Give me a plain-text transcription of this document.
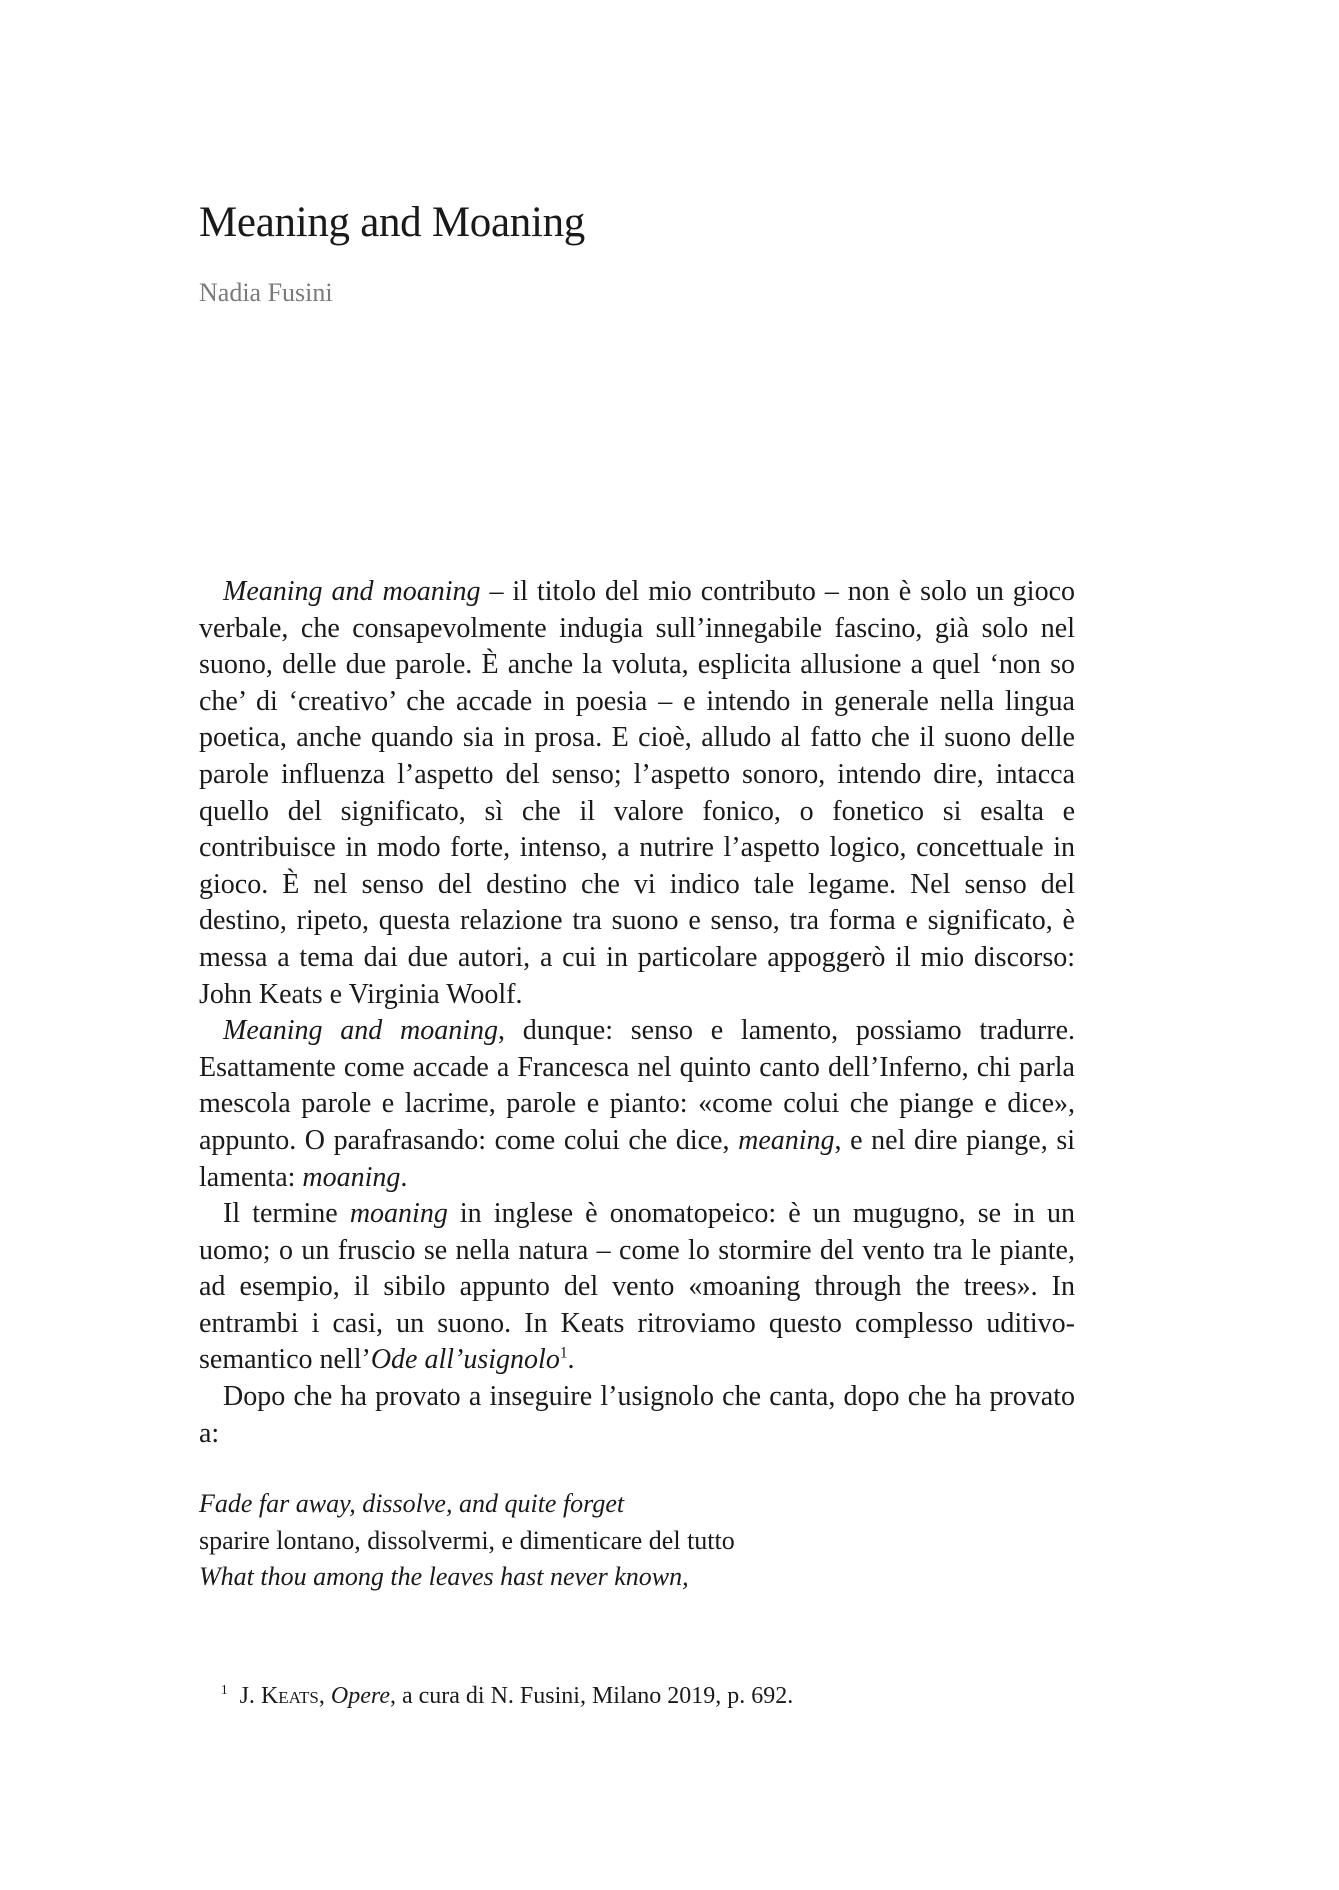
Meaning and Moaning
Nadia Fusini

Meaning and moaning – il titolo del mio contributo – non è solo un gioco verbale, che consapevolmente indugia sull’innegabile fascino, già solo nel suono, delle due parole. È anche la voluta, esplicita allusione a quel ‘non so che’ di ‘creativo’ che accade in poesia – e intendo in generale nella lingua poetica, anche quando sia in prosa. E cioè, alludo al fatto che il suono delle parole influenza l’aspetto del senso; l’aspetto sonoro, intendo dire, intacca quello del significato, sì che il valore fonico, o fonetico si esalta e contribuisce in modo forte, intenso, a nutrire l’aspetto logico, concettuale in gioco. È nel senso del destino che vi indico tale legame. Nel senso del destino, ripeto, questa relazione tra suono e senso, tra forma e significato, è messa a tema dai due autori, a cui in particolare appoggerò il mio discorso: John Keats e Virginia Woolf.

Meaning and moaning, dunque: senso e lamento, possiamo tradurre. Esattamente come accade a Francesca nel quinto canto dell’Inferno, chi parla mescola parole e lacrime, parole e pianto: «come colui che piange e dice», appunto. O parafrasando: come colui che dice, meaning, e nel dire piange, si lamenta: moaning.

Il termine moaning in inglese è onomatopeico: è un mugugno, se in un uomo; o un fruscio se nella natura – come lo stormire del vento tra le piante, ad esempio, il sibilo appunto del vento «moaning through the trees». In entrambi i casi, un suono. In Keats ritroviamo questo complesso uditivo-semantico nell’Ode all’usignolo$^1$.

Dopo che ha provato a inseguire l’usignolo che canta, dopo che ha provato a:

Fade far away, dissolve, and quite forget
sparire lontano, dissolvermi, e dimenticare del tutto
What thou among the leaves hast never known,
$^1$ J. Keats, Opere, a cura di N. Fusini, Milano 2019, p. 692.
